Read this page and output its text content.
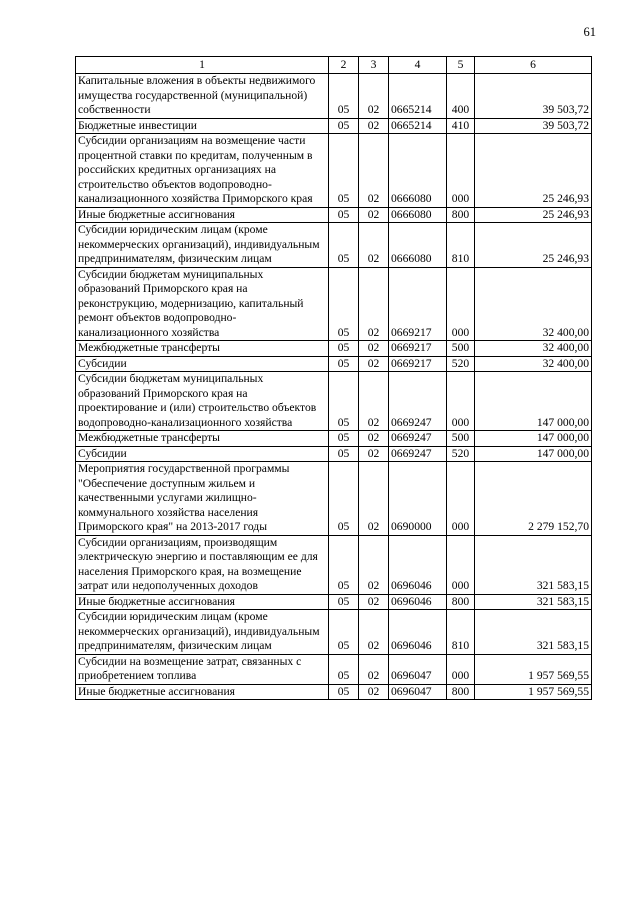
61
1	2	3	4	5	6
Капитальные вложения в объекты недвижимого имущества государственной (муниципальной) собственности	05	02	0665214	400	39 503,72
Бюджетные инвестиции	05	02	0665214	410	39 503,72
Субсидии организациям на возмещение части процентной ставки по кредитам, полученным в российских кредитных организациях на строительство объектов водопроводно-канализационного хозяйства Приморского края	05	02	0666080	000	25 246,93
Иные бюджетные ассигнования	05	02	0666080	800	25 246,93
Субсидии юридическим лицам (кроме некоммерческих организаций), индивидуальным предпринимателям, физическим лицам	05	02	0666080	810	25 246,93
Субсидии бюджетам муниципальных образований Приморского края на реконструкцию, модернизацию, капитальный ремонт объектов водопроводно-канализационного хозяйства	05	02	0669217	000	32 400,00
Межбюджетные трансферты	05	02	0669217	500	32 400,00
Субсидии	05	02	0669217	520	32 400,00
Субсидии бюджетам муниципальных образований Приморского края на проектирование и (или) строительство объектов водопроводно-канализационного хозяйства	05	02	0669247	000	147 000,00
Межбюджетные трансферты	05	02	0669247	500	147 000,00
Субсидии	05	02	0669247	520	147 000,00
Мероприятия государственной программы "Обеспечение доступным жильем и качественными услугами жилищно-коммунального хозяйства населения Приморского края" на 2013-2017 годы	05	02	0690000	000	2 279 152,70
Субсидии организациям, производящим электрическую энергию и поставляющим ее для населения Приморского края, на возмещение затрат или недополученных доходов	05	02	0696046	000	321 583,15
Иные бюджетные ассигнования	05	02	0696046	800	321 583,15
Субсидии юридическим лицам (кроме некоммерческих организаций), индивидуальным предпринимателям, физическим лицам	05	02	0696046	810	321 583,15
Субсидии на возмещение затрат, связанных с приобретением топлива	05	02	0696047	000	1 957 569,55
Иные бюджетные ассигнования	05	02	0696047	800	1 957 569,55
